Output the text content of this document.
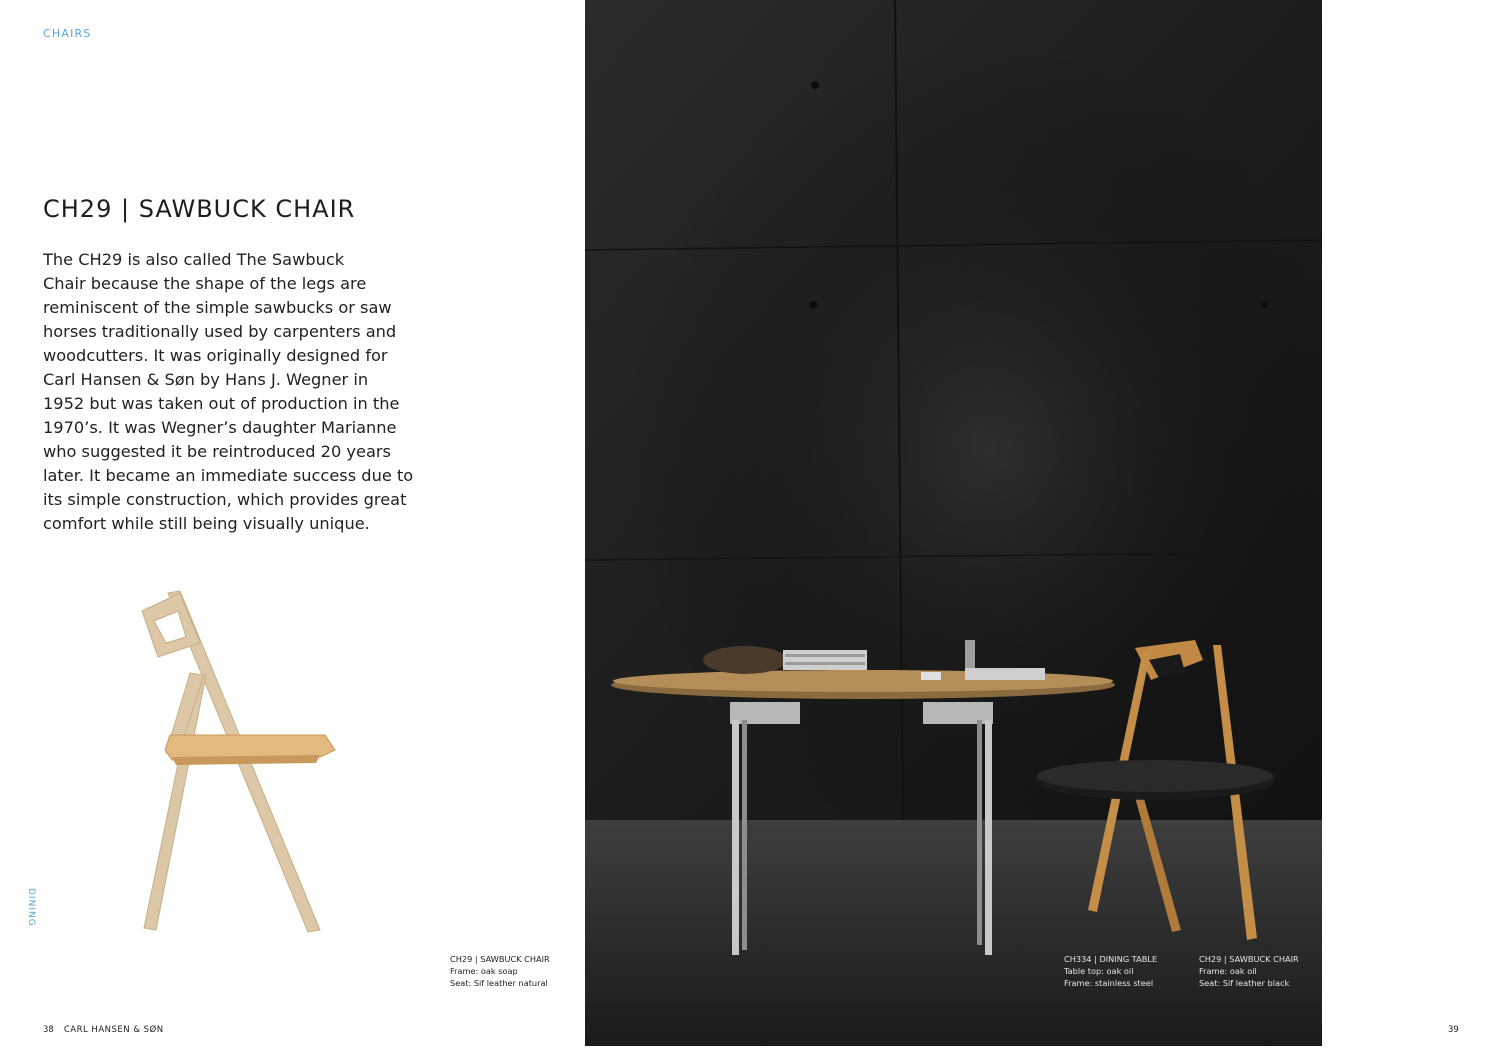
CHAIRS
DINING
CH29 | SAWBUCK CHAIR
The CH29 is also called The Sawbuck
Chair because the shape of the legs are
reminiscent of the simple sawbucks or saw
horses traditionally used by carpenters and
woodcutters. It was originally designed for
Carl Hansen & Søn by Hans J. Wegner in
1952 but was taken out of production in the
1970’s. It was Wegner’s daughter Marianne
who suggested it be reintroduced 20 years
later. It became an immediate success due to
its simple construction, which provides great
comfort while still being visually unique.
CH29 | SAWBUCK CHAIR
Frame: oak soap
Seat: Sif leather natural
38 CARL HANSEN & SØN
CH334 | DINING TABLE
Table top: oak oil
Frame: stainless steel
CH29 | SAWBUCK CHAIR
Frame: oak oil
Seat: Sif leather black
39
